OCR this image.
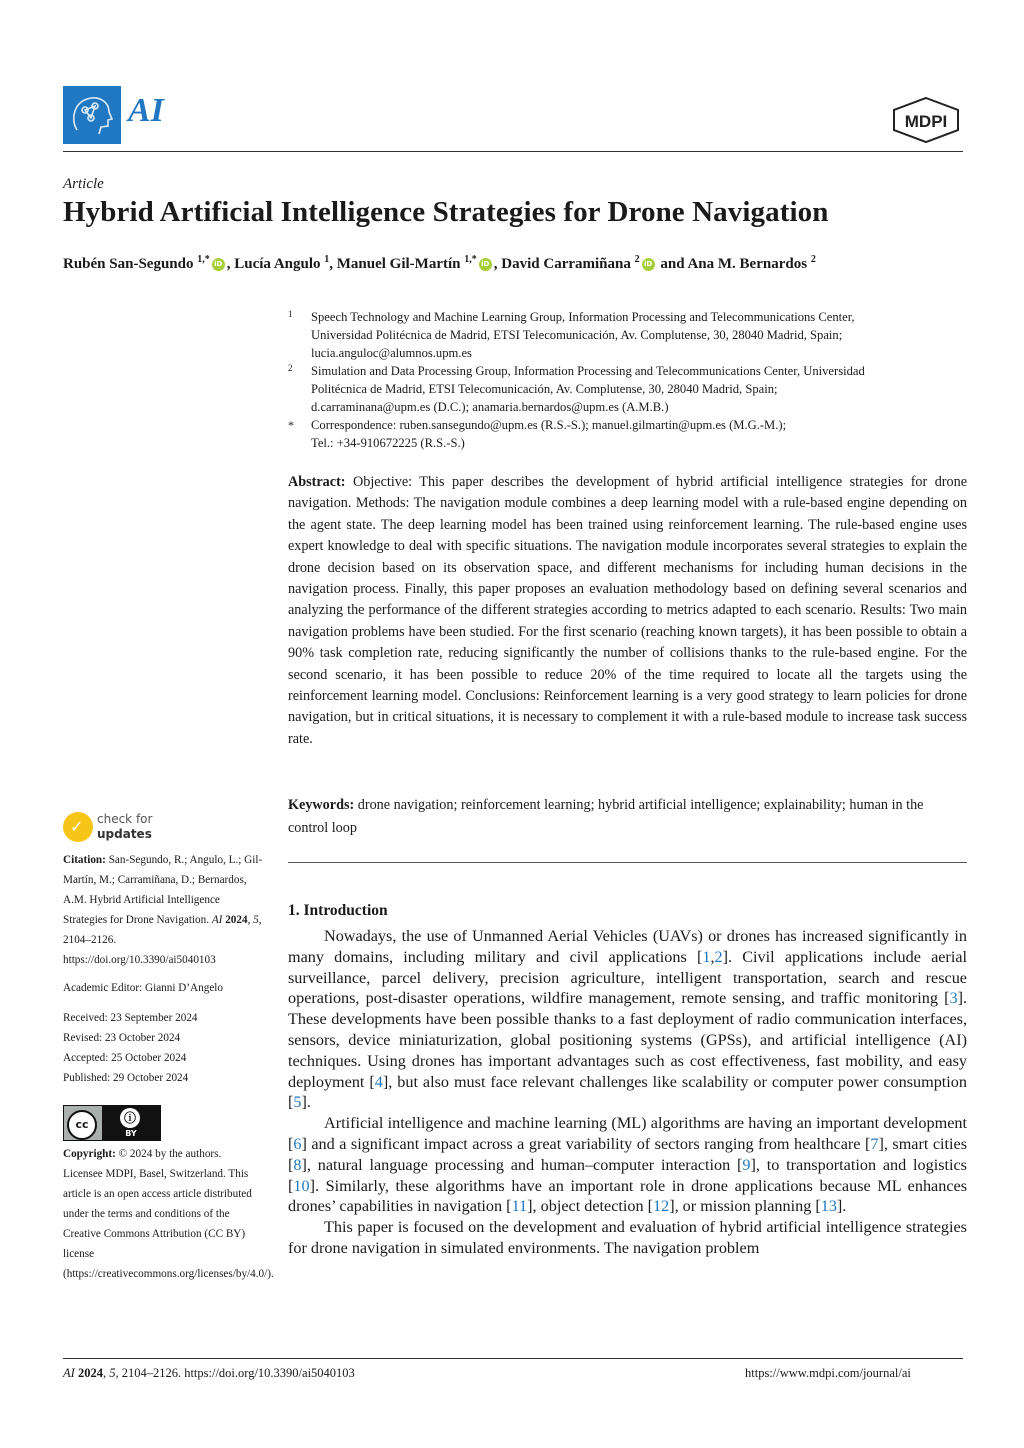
AI	MDPI
Article
Hybrid Artificial Intelligence Strategies for Drone Navigation
Rubén San-Segundo $^{1,*}$ iD , Lucía Angulo $^1$, Manuel Gil-Martín $^{1,*}$ iD , David Carramiñana $^2$ iD and Ana M. Bernardos $^2$
1 Speech Technology and Machine Learning Group, Information Processing and Telecommunications Center,
Universidad Politécnica de Madrid, ETSI Telecomunicación, Av. Complutense, 30, 28040 Madrid, Spain;
lucia.anguloc@alumnos.upm.es
2 Simulation and Data Processing Group, Information Processing and Telecommunications Center, Universidad
Politécnica de Madrid, ETSI Telecomunicación, Av. Complutense, 30, 28040 Madrid, Spain;
d.carraminana@upm.es (D.C.); anamaria.bernardos@upm.es (A.M.B.)
* Correspondence: ruben.sansegundo@upm.es (R.S.-S.); manuel.gilmartin@upm.es (M.G.-M.);
Tel.: +34-910672225 (R.S.-S.)
Abstract: Objective: This paper describes the development of hybrid artificial intelligence strategies for drone navigation. Methods: The navigation module combines a deep learning model with a rule-based engine depending on the agent state. The deep learning model has been trained using reinforcement learning. The rule-based engine uses expert knowledge to deal with specific situations. The navigation module incorporates several strategies to explain the drone decision based on its observation space, and different mechanisms for including human decisions in the navigation process. Finally, this paper proposes an evaluation methodology based on defining several scenarios and analyzing the performance of the different strategies according to metrics adapted to each scenario. Results: Two main navigation problems have been studied. For the first scenario (reaching known targets), it has been possible to obtain a 90% task completion rate, reducing significantly the number of collisions thanks to the rule-based engine. For the second scenario, it has been possible to reduce 20% of the time required to locate all the targets using the reinforcement learning model. Conclusions: Reinforcement learning is a very good strategy to learn policies for drone navigation, but in critical situations, it is necessary to complement it with a rule-based module to increase task success rate.
Keywords: drone navigation; reinforcement learning; hybrid artificial intelligence; explainability; human in the control loop
1. Introduction

Nowadays, the use of Unmanned Aerial Vehicles (UAVs) or drones has increased significantly in many domains, including military and civil applications [1,2]. Civil applications include aerial surveillance, parcel delivery, precision agriculture, intelligent transportation, search and rescue operations, post-disaster operations, wildfire management, remote sensing, and traffic monitoring [3]. These developments have been possible thanks to a fast deployment of radio communication interfaces, sensors, device miniaturization, global positioning systems (GPSs), and artificial intelligence (AI) techniques. Using drones has important advantages such as cost effectiveness, fast mobility, and easy deployment [4], but also must face relevant challenges like scalability or computer power consumption [5].

Artificial intelligence and machine learning (ML) algorithms are having an important development [6] and a significant impact across a great variability of sectors ranging from healthcare [7], smart cities [8], natural language processing and human–computer interaction [9], to transportation and logistics [10]. Similarly, these algorithms have an important role in drone applications because ML enhances drones’ capabilities in navigation [11], object detection [12], or mission planning [13].

This paper is focused on the development and evaluation of hybrid artificial intelligence strategies for drone navigation in simulated environments. The navigation problem

✓ check for
updates
Citation: San-Segundo, R.; Angulo, L.; Gil-Martín, M.; Carramiñana, D.; Bernardos, A.M. Hybrid Artificial Intelligence Strategies for Drone Navigation. AI 2024, 5, 2104–2126. https://doi.org/10.3390/ai5040103
Academic Editor: Gianni D’Angelo
Received: 23 September 2024
Revised: 23 October 2024
Accepted: 25 October 2024
Published: 29 October 2024
cc	ⓘ
BY
Copyright: © 2024 by the authors. Licensee MDPI, Basel, Switzerland. This article is an open access article distributed under the terms and conditions of the Creative Commons Attribution (CC BY) license (https://creativecommons.org/licenses/by/4.0/).
AI 2024, 5, 2104–2126. https://doi.org/10.3390/ai5040103	https://www.mdpi.com/journal/ai
